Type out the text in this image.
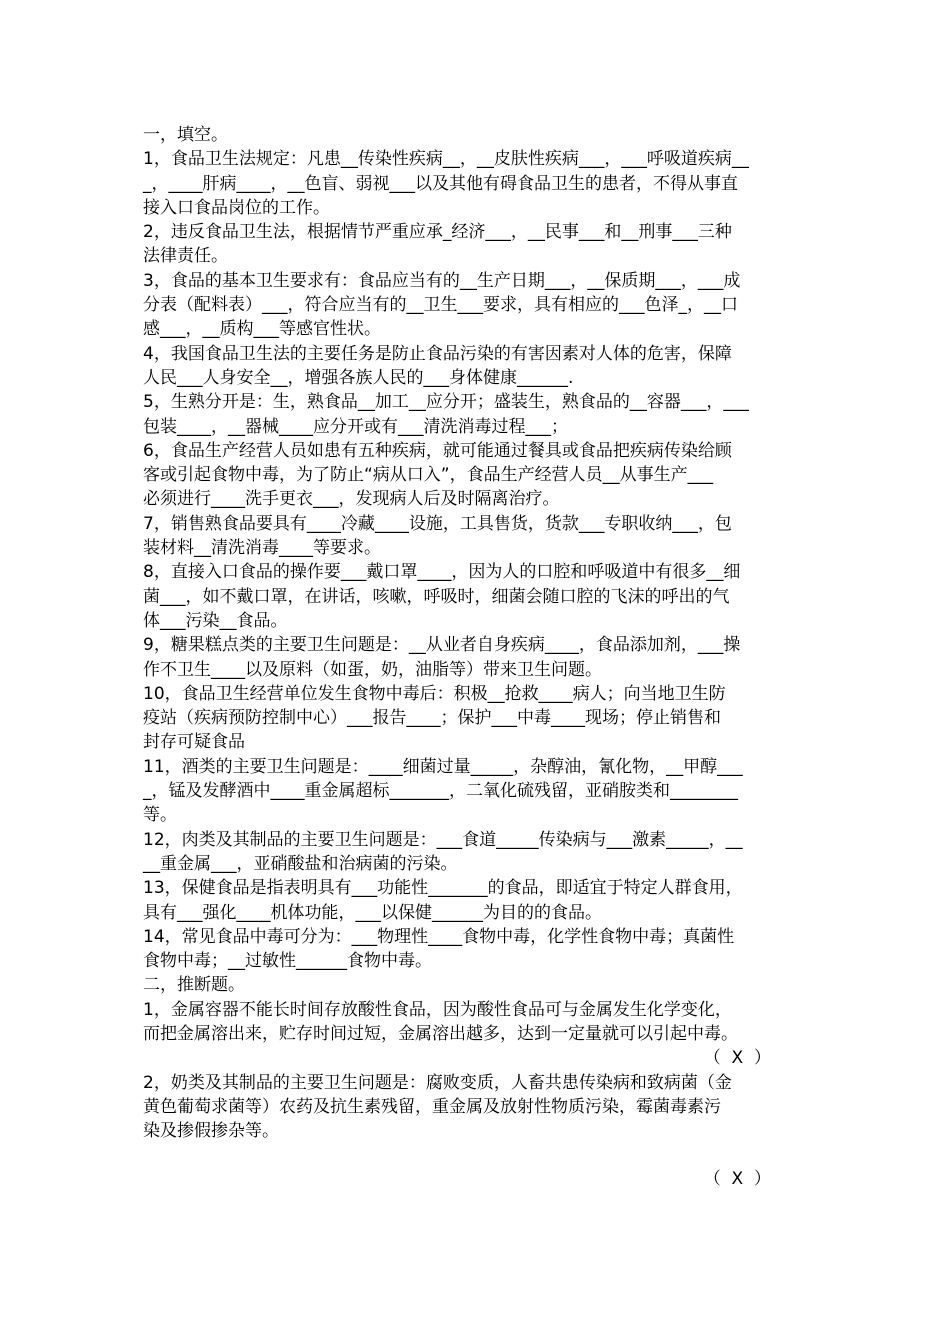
一，填空。
1，食品卫生法规定：凡患__传染性疾病__，__皮肤性疾病___，___呼吸道疾病__
_，____肝病____，__色盲、弱视___以及其他有碍食品卫生的患者，不得从事直
接入口食品岗位的工作。
2，违反食品卫生法，根据情节严重应承_经济___，__民事___和__刑事___三种
法律责任。
3，食品的基本卫生要求有：食品应当有的__生产日期___，__保质期___，___成
分表（配料表）___，符合应当有的__卫生___要求，具有相应的___色泽_，__口
感___，__质构___等感官性状。
4，我国食品卫生法的主要任务是防止食品污染的有害因素对人体的危害，保障
人民___人身安全__，增强各族人民的___身体健康______.
5，生熟分开是：生，熟食品__加工__应分开；盛装生，熟食品的__容器___，___
包装____，__器械____应分开或有___清洗消毒过程___；
6，食品生产经营人员如患有五种疾病，就可能通过餐具或食品把疾病传染给顾
客或引起食物中毒，为了防止“病从口入”，食品生产经营人员__从事生产___
必须进行____洗手更衣___，发现病人后及时隔离治疗。
7，销售熟食品要具有____冷藏____设施，工具售货，货款___专职收纳___，包
装材料__清洗消毒____等要求。
8，直接入口食品的操作要___戴口罩____，因为人的口腔和呼吸道中有很多__细
菌___，如不戴口罩，在讲话，咳嗽，呼吸时，细菌会随口腔的飞沫的呼出的气
体___污染__食品。
9，糖果糕点类的主要卫生问题是：__从业者自身疾病____，食品添加剂，___操
作不卫生____以及原料（如蛋，奶，油脂等）带来卫生问题。
10，食品卫生经营单位发生食物中毒后：积极__抢救____病人；向当地卫生防
疫站（疾病预防控制中心）___报告____；保护___中毒____现场；停止销售和
封存可疑食品
11，酒类的主要卫生问题是：____细菌过量_____，杂醇油，氰化物，__甲醇___
_，锰及发酵酒中____重金属超标_______，二氧化硫残留，亚硝胺类和________
等。
12，肉类及其制品的主要卫生问题是：___食道_____传染病与___激素_____，__
__重金属___，亚硝酸盐和治病菌的污染。
13，保健食品是指表明具有___功能性_______的食品，即适宜于特定人群食用，
具有___强化____机体功能，___以保健______为目的的食品。
14，常见食品中毒可分为：___物理性____食物中毒，化学性食物中毒；真菌性
食物中毒；__过敏性______食物中毒。
二，推断题。
1，金属容器不能长时间存放酸性食品，因为酸性食品可与金属发生化学变化，
而把金属溶出来，贮存时间过短，金属溶出越多，达到一定量就可以引起中毒。
（  X  ）
2，奶类及其制品的主要卫生问题是：腐败变质，人畜共患传染病和致病菌（金
黄色葡萄求菌等）农药及抗生素残留，重金属及放射性物质污染，霉菌毒素污
染及掺假掺杂等。
（  X  ）
